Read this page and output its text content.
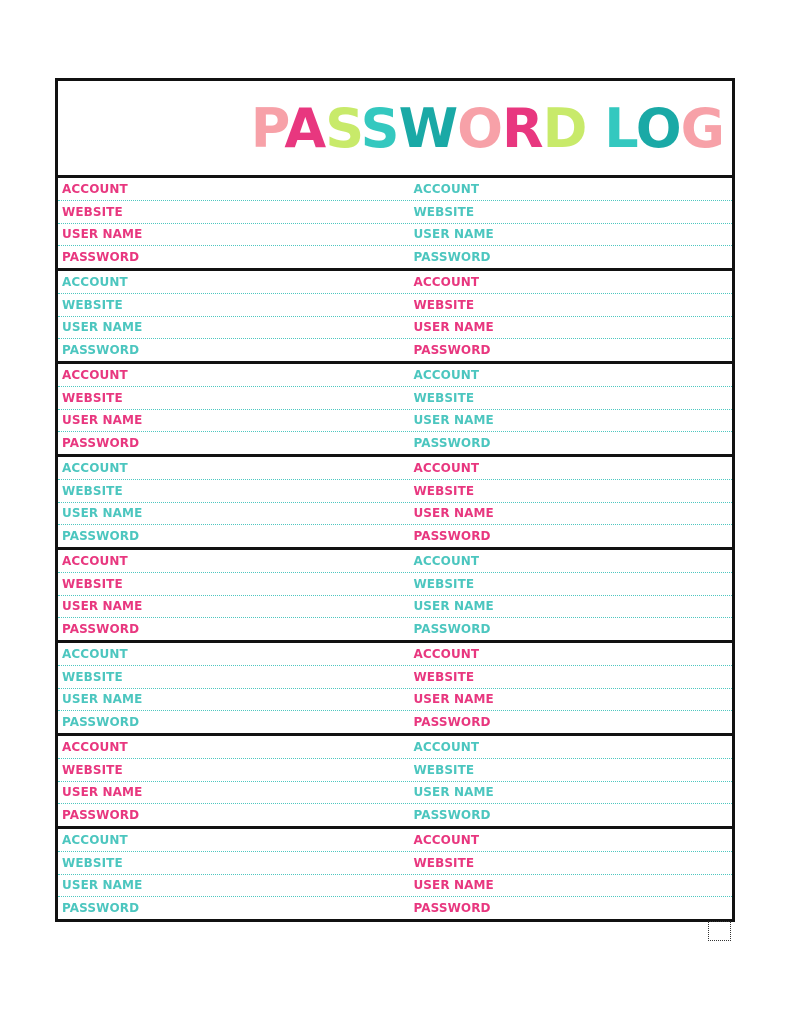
PASSWORD LOG
ACCOUNT	ACCOUNT
WEBSITE	WEBSITE
USER NAME	USER NAME
PASSWORD	PASSWORD
ACCOUNT	ACCOUNT
WEBSITE	WEBSITE
USER NAME	USER NAME
PASSWORD	PASSWORD
ACCOUNT	ACCOUNT
WEBSITE	WEBSITE
USER NAME	USER NAME
PASSWORD	PASSWORD
ACCOUNT	ACCOUNT
WEBSITE	WEBSITE
USER NAME	USER NAME
PASSWORD	PASSWORD
ACCOUNT	ACCOUNT
WEBSITE	WEBSITE
USER NAME	USER NAME
PASSWORD	PASSWORD
ACCOUNT	ACCOUNT
WEBSITE	WEBSITE
USER NAME	USER NAME
PASSWORD	PASSWORD
ACCOUNT	ACCOUNT
WEBSITE	WEBSITE
USER NAME	USER NAME
PASSWORD	PASSWORD
ACCOUNT	ACCOUNT
WEBSITE	WEBSITE
USER NAME	USER NAME
PASSWORD	PASSWORD
